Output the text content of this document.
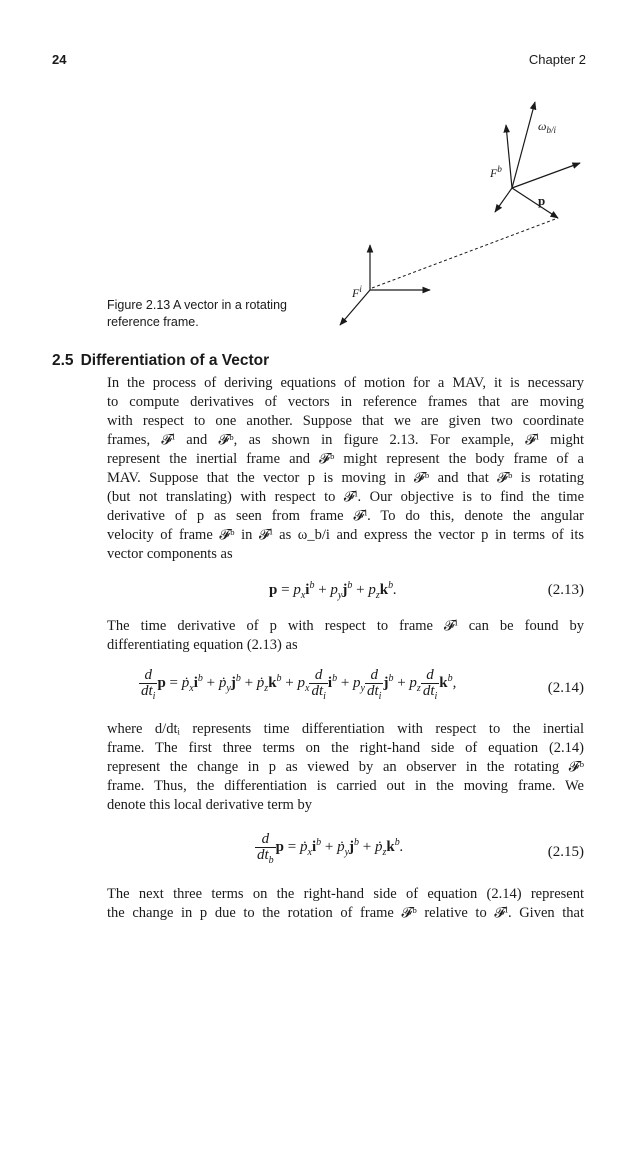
24	Chapter 2
$\omega_{b/i}$
$F^b$
p
$F^i$
Figure 2.13 A vector in a rotating
reference frame.
2.5 Differentiation of a Vector
In the process of deriving equations of motion for a MAV, it is necessary
to compute derivatives of vectors in reference frames that are moving
with respect to one another. Suppose that we are given two coordinate
frames, 𝓕ⁱ and 𝓕ᵇ, as shown in figure 2.13. For example, 𝓕ⁱ might
represent the inertial frame and 𝓕ᵇ might represent the body frame of a
MAV. Suppose that the vector p is moving in 𝓕ᵇ and that 𝓕ᵇ is rotating
(but not translating) with respect to 𝓕ⁱ. Our objective is to find the time
derivative of p as seen from frame 𝓕ⁱ. To do this, denote the angular
velocity of frame 𝓕ᵇ in 𝓕ⁱ as ω_b/i and express the vector p in terms of its
vector components as
$p = p_xi^b + p_yj^b + p_zk^b$.	(2.13)
The time derivative of p with respect to frame 𝓕ⁱ can be found by
differentiating equation (2.13) as
$\frac{d}{dt_i}$ $p = ṗ_xi^b$ + $ṗ_yj^b$ + $ṗ_zk^b + p_x \frac{d}{dt_i} i^b + p_y \frac{d}{dt_i} j^b + p_z \frac{d}{dt_i} k^b$,	(2.14)
where d/dtᵢ represents time differentiation with respect to the inertial
frame. The first three terms on the right-hand side of equation (2.14)
represent the change in p as viewed by an observer in the rotating 𝓕ᵇ
frame. Thus, the differentiation is carried out in the moving frame. We
denote this local derivative term by
$\frac{d}{dt_b}$ $p = ṗ_xi^b$ + $ṗ_yj^b$ + $ṗ_zk^b$.	(2.15)
The next three terms on the right-hand side of equation (2.14) represent
the change in p due to the rotation of frame 𝓕ᵇ relative to 𝓕ⁱ. Given that
